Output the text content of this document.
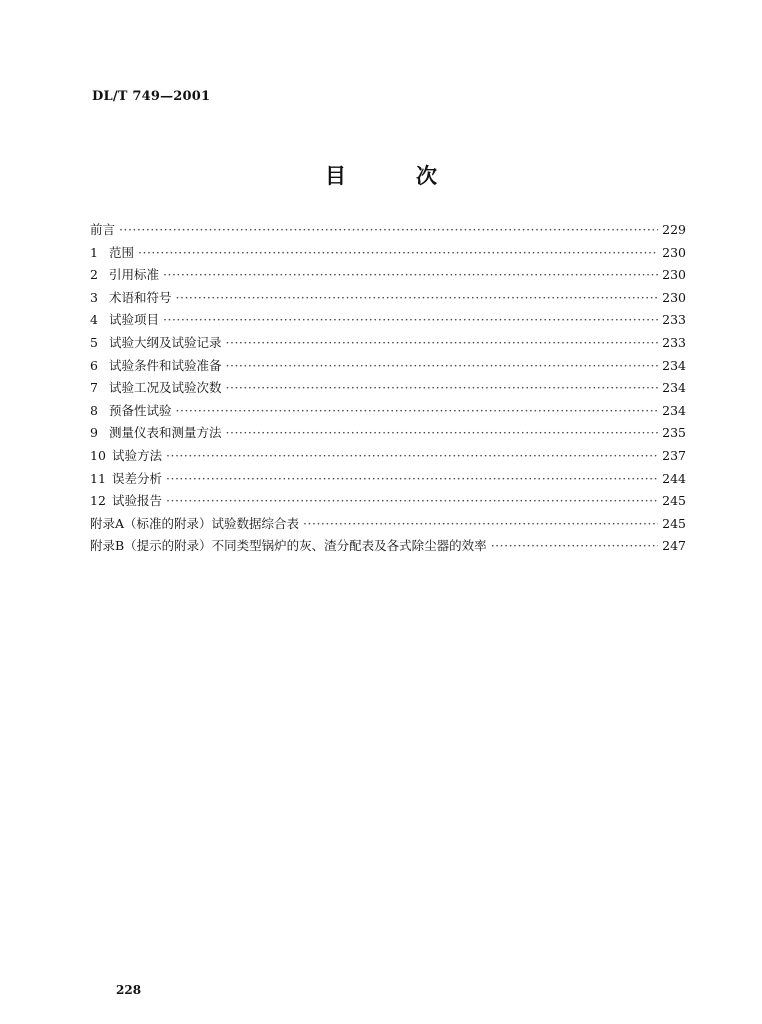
DL/T 749—2001
目	次
前言 ·····	229
1 范围 ·····	230
2 引用标准 ·····	230
3 术语和符号 ·····	230
4 试验项目 ·····	233
5 试验大纲及试验记录 ·····	233
6 试验条件和试验准备 ·····	234
7 试验工况及试验次数 ·····	234
8 预备性试验 ·····	234
9 测量仪表和测量方法 ·····	235
10 试验方法 ·····	237
11 误差分析 ·····	244
12 试验报告 ·····	245
附录A（标准的附录）试验数据综合表 ·····	245
附录B（提示的附录）不同类型锅炉的灰、渣分配表及各式除尘器的效率 ·····	247
228
